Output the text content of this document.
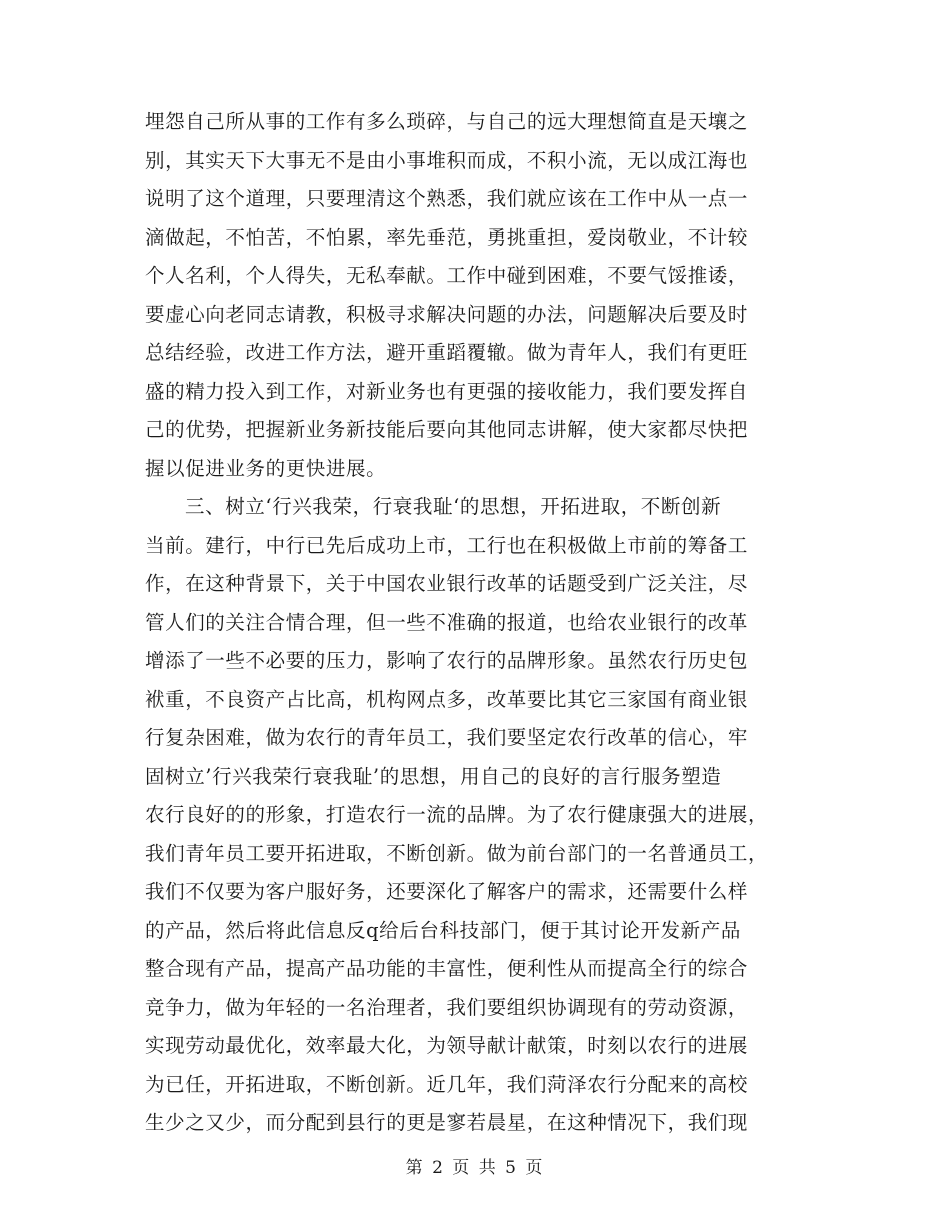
埋怨自己所从事的工作有多么琐碎，与自己的远大理想简直是天壤之
别，其实天下大事无不是由小事堆积而成，不积小流，无以成江海也
说明了这个道理，只要理清这个熟悉，我们就应该在工作中从一点一
滴做起，不怕苦，不怕累，率先垂范，勇挑重担，爱岗敬业，不计较
个人名利，个人得失，无私奉献。工作中碰到困难，不要气馁推诿，
要虚心向老同志请教，积极寻求解决问题的办法，问题解决后要及时
总结经验，改进工作方法，避开重蹈覆辙。做为青年人，我们有更旺
盛的精力投入到工作，对新业务也有更强的接收能力，我们要发挥自
己的优势，把握新业务新技能后要向其他同志讲解，使大家都尽快把
握以促进业务的更快进展。
三、树立‘行兴我荣，行衰我耻‘的思想，开拓进取，不断创新
当前。建行，中行已先后成功上市，工行也在积极做上市前的筹备工
作，在这种背景下，关于中国农业银行改革的话题受到广泛关注，尽
管人们的关注合情合理，但一些不准确的报道，也给农业银行的改革
增添了一些不必要的压力，影响了农行的品牌形象。虽然农行历史包
袱重，不良资产占比高，机构网点多，改革要比其它三家国有商业银
行复杂困难，做为农行的青年员工，我们要坚定农行改革的信心，牢
固树立’行兴我荣行衰我耻’的思想，用自己的良好的言行服务塑造
农行良好的的形象，打造农行一流的品牌。为了农行健康强大的进展，
我们青年员工要开拓进取，不断创新。做为前台部门的一名普通员工，
我们不仅要为客户服好务，还要深化了解客户的需求，还需要什么样
的产品，然后将此信息反q给后台科技部门，便于其讨论开发新产品
整合现有产品，提高产品功能的丰富性，便利性从而提高全行的综合
竞争力，做为年轻的一名治理者，我们要组织协调现有的劳动资源，
实现劳动最优化，效率最大化，为领导献计献策，时刻以农行的进展
为已任，开拓进取，不断创新。近几年，我们菏泽农行分配来的高校
生少之又少，而分配到县行的更是寥若晨星，在这种情况下，我们现
第 2 页 共 5 页
